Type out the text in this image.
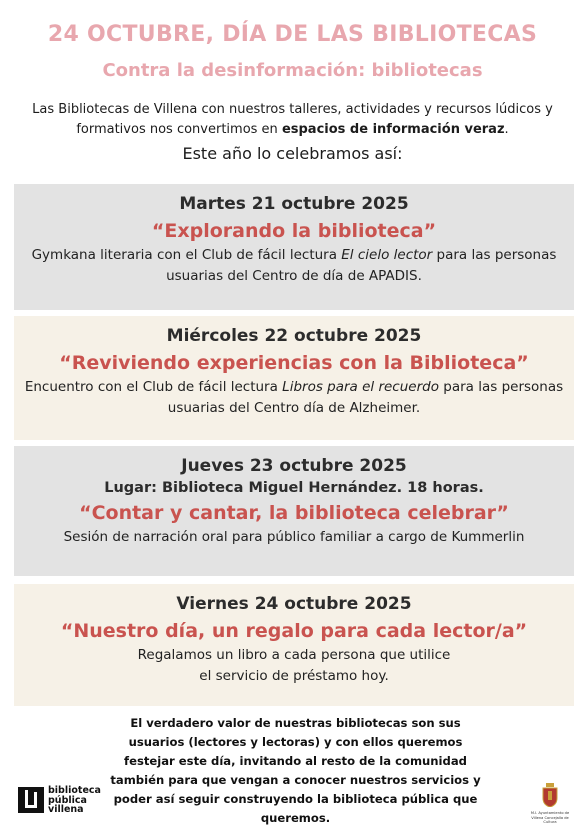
24 OCTUBRE, DÍA DE LAS BIBLIOTECAS
Contra la desinformación: bibliotecas
Las Bibliotecas de Villena con nuestros talleres, actividades y recursos lúdicos y formativos nos convertimos en espacios de información veraz.
Este año lo celebramos así:
Martes 21 octubre 2025
“Explorando la biblioteca”
Gymkana literaria con el Club de fácil lectura El cielo lector para las personas usuarias del Centro de día de APADIS.
Miércoles 22 octubre 2025
“Reviviendo experiencias con la Biblioteca”
Encuentro con el Club de fácil lectura Libros para el recuerdo para las personas usuarias del Centro día de Alzheimer.
Jueves 23 octubre 2025
Lugar: Biblioteca Miguel Hernández. 18 horas.
“Contar y cantar, la biblioteca celebrar”
Sesión de narración oral para público familiar a cargo de Kummerlin
Viernes 24 octubre 2025
“Nuestro día, un regalo para cada lector/a”
Regalamos un libro a cada persona que utilice
el servicio de préstamo hoy.
El verdadero valor de nuestras bibliotecas son sus usuarios (lectores y lectoras) y con ellos queremos festejar este día, invitando al resto de la comunidad también para que vengan a conocer nuestros servicios y poder así seguir construyendo la biblioteca pública que queremos.
biblioteca
pública
villena	M.I. Ayuntamiento de Villena Concejalía de Cultura
